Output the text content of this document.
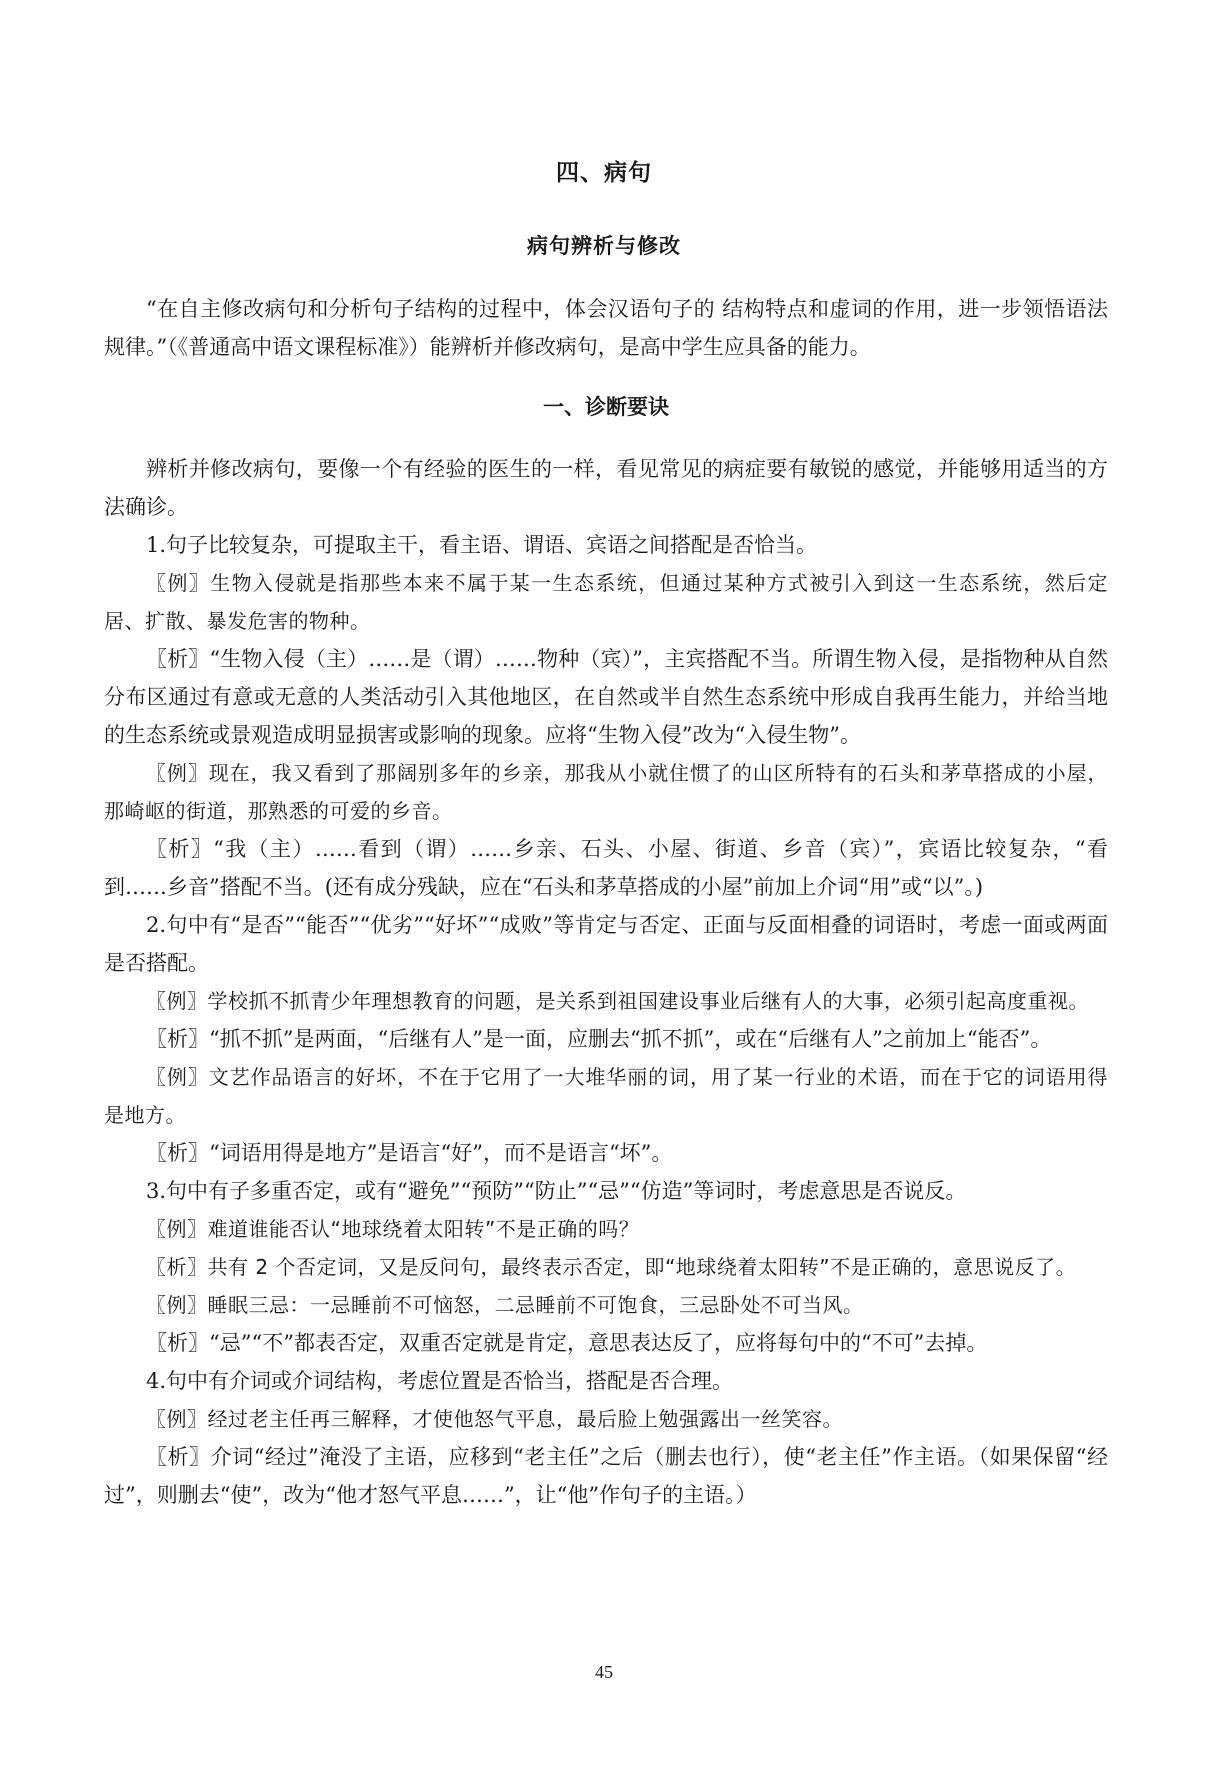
四、病句
病句辨析与修改

“在自主修改病句和分析句子结构的过程中，体会汉语句子的 结构特点和虚词的作用，进一步领悟语法规律。”（《普通高中语文课程标准》）能辨析并修改病句，是高中学生应具备的能力。

一、诊断要诀

辨析并修改病句，要像一个有经验的医生的一样，看见常见的病症要有敏锐的感觉，并能够用适当的方法确诊。

1.句子比较复杂，可提取主干，看主语、谓语、宾语之间搭配是否恰当。

〖例〗生物入侵就是指那些本来不属于某一生态系统，但通过某种方式被引入到这一生态系统，然后定居、扩散、暴发危害的物种。

〖析〗“生物入侵（主）……是（谓）……物种（宾）”，主宾搭配不当。所谓生物入侵，是指物种从自然分布区通过有意或无意的人类活动引入其他地区，在自然或半自然生态系统中形成自我再生能力，并给当地的生态系统或景观造成明显损害或影响的现象。应将“生物入侵”改为“入侵生物”。

〖例〗现在，我又看到了那阔别多年的乡亲，那我从小就住惯了的山区所特有的石头和茅草搭成的小屋，那崎岖的街道，那熟悉的可爱的乡音。

〖析〗“我（主）……看到（谓）……乡亲、石头、小屋、街道、乡音（宾）”，宾语比较复杂，“看到……乡音”搭配不当。(还有成分残缺，应在“石头和茅草搭成的小屋”前加上介词“用”或“以”。)

2.句中有“是否”“能否”“优劣”“好坏”“成败”等肯定与否定、正面与反面相叠的词语时，考虑一面或两面是否搭配。

〖例〗学校抓不抓青少年理想教育的问题，是关系到祖国建设事业后继有人的大事，必须引起高度重视。

〖析〗“抓不抓”是两面，“后继有人”是一面，应删去“抓不抓”，或在“后继有人”之前加上“能否”。

〖例〗文艺作品语言的好坏，不在于它用了一大堆华丽的词，用了某一行业的术语，而在于它的词语用得是地方。

〖析〗“词语用得是地方”是语言“好”，而不是语言“坏”。

3.句中有子多重否定，或有“避免”“预防”“防止”“忌”“仿造”等词时，考虑意思是否说反。

〖例〗难道谁能否认“地球绕着太阳转”不是正确的吗？

〖析〗共有 2 个否定词，又是反问句，最终表示否定，即“地球绕着太阳转”不是正确的，意思说反了。

〖例〗睡眠三忌：一忌睡前不可恼怒，二忌睡前不可饱食，三忌卧处不可当风。

〖析〗“忌”“不”都表否定，双重否定就是肯定，意思表达反了，应将每句中的“不可”去掉。

4.句中有介词或介词结构，考虑位置是否恰当，搭配是否合理。

〖例〗经过老主任再三解释，才使他怒气平息，最后脸上勉强露出一丝笑容。

〖析〗介词“经过”淹没了主语，应移到“老主任”之后（删去也行），使“老主任”作主语。（如果保留“经过”，则删去“使”，改为“他才怒气平息……”，让“他”作句子的主语。）

45
